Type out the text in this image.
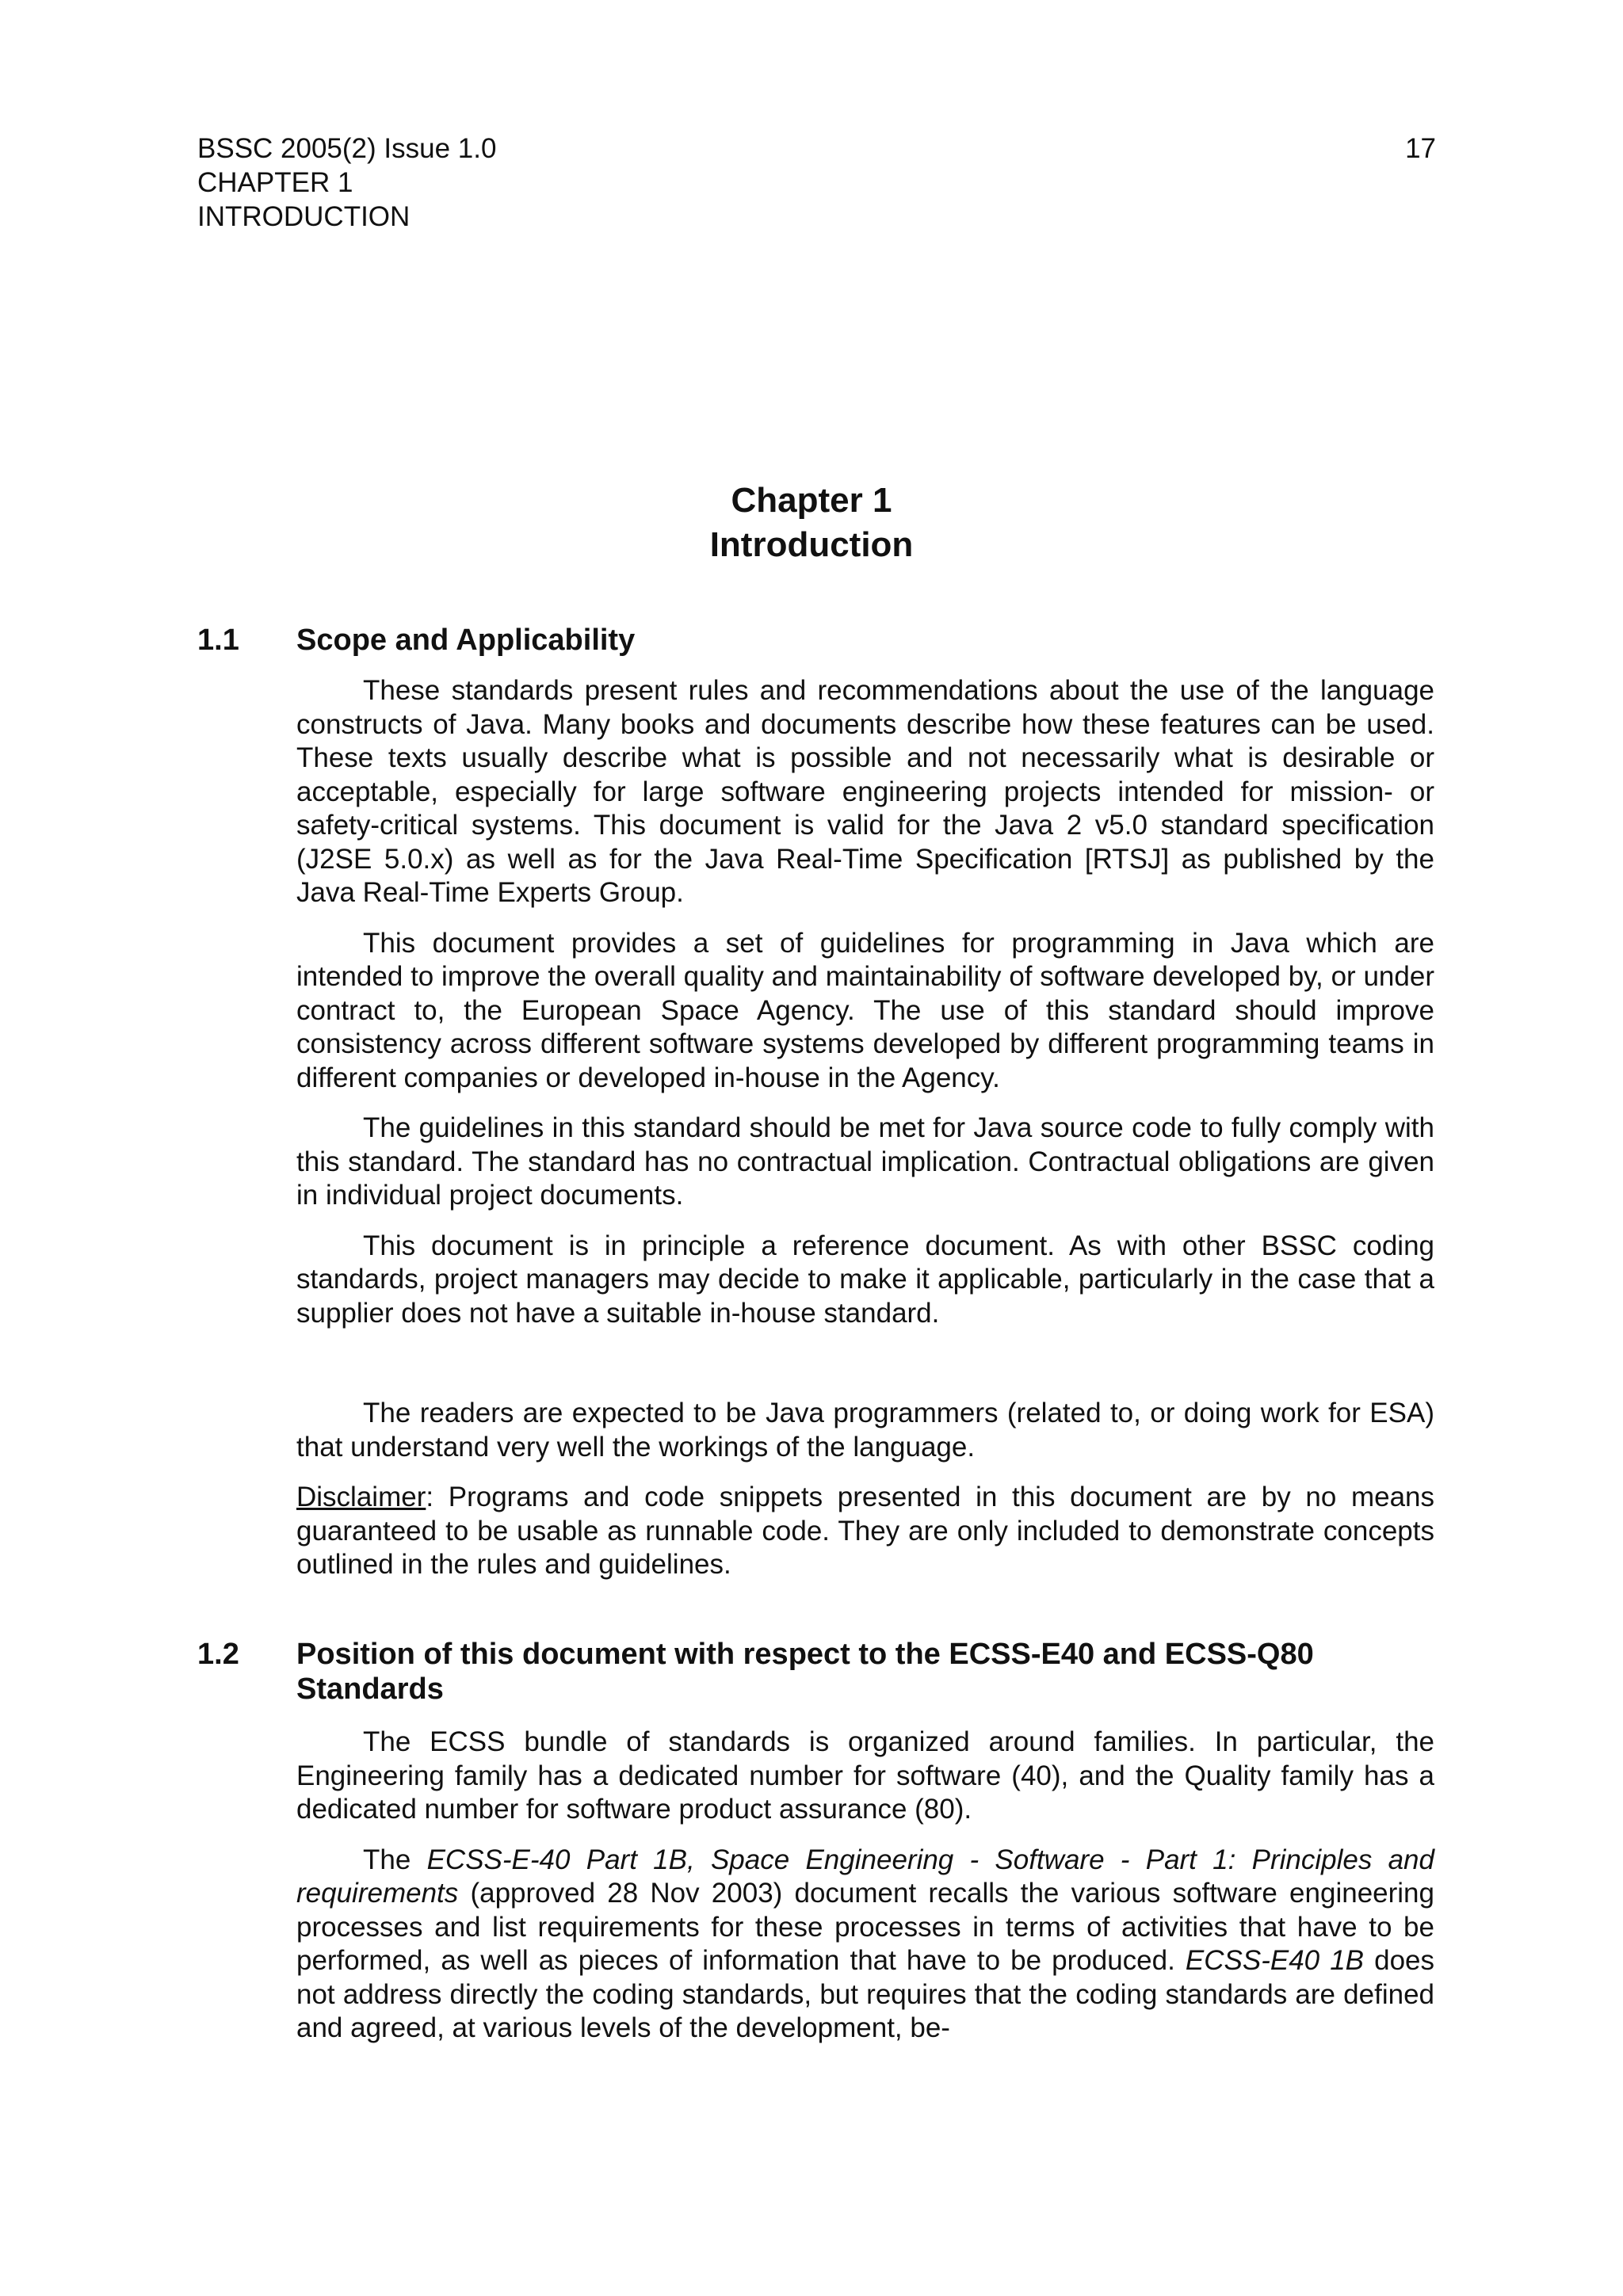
BSSC 2005(2) Issue 1.0
CHAPTER 1
INTRODUCTION
17
Chapter 1
Introduction
1.1 Scope and Applicability

These standards present rules and recommendations about the use of the language constructs of Java. Many books and documents describe how these features can be used. These texts usually describe what is possible and not necessarily what is desirable or acceptable, especially for large software engineering projects intended for mission- or safety-critical systems. This document is valid for the Java 2 v5.0 standard specification (J2SE 5.0.x) as well as for the Java Real-Time Specification [RTSJ] as published by the Java Real-Time Experts Group.

This document provides a set of guidelines for programming in Java which are intended to improve the overall quality and maintainability of software developed by, or under contract to, the European Space Agency. The use of this standard should improve consistency across different software systems developed by different programming teams in different companies or developed in-house in the Agency.

The guidelines in this standard should be met for Java source code to fully comply with this standard. The standard has no contractual implication. Contractual obligations are given in individual project documents.

This document is in principle a reference document. As with other BSSC coding standards, project managers may decide to make it applicable, particularly in the case that a supplier does not have a suitable in-house standard.

The readers are expected to be Java programmers (related to, or doing work for ESA) that understand very well the workings of the language.

Disclaimer: Programs and code snippets presented in this document are by no means guaranteed to be usable as runnable code. They are only included to demonstrate concepts outlined in the rules and guidelines.

1.2 Position of this document with respect to the ECSS-E40 and ECSS-Q80 Standards

The ECSS bundle of standards is organized around families. In particular, the Engineering family has a dedicated number for software (40), and the Quality family has a dedicated number for software product assurance (80).

The ECSS-E-40 Part 1B, Space Engineering - Software - Part 1: Principles and requirements (approved 28 Nov 2003) document recalls the various software engineering processes and list requirements for these processes in terms of activities that have to be performed, as well as pieces of information that have to be produced. ECSS-E40 1B does not address directly the coding standards, but requires that the coding standards are defined and agreed, at various levels of the development, be-
